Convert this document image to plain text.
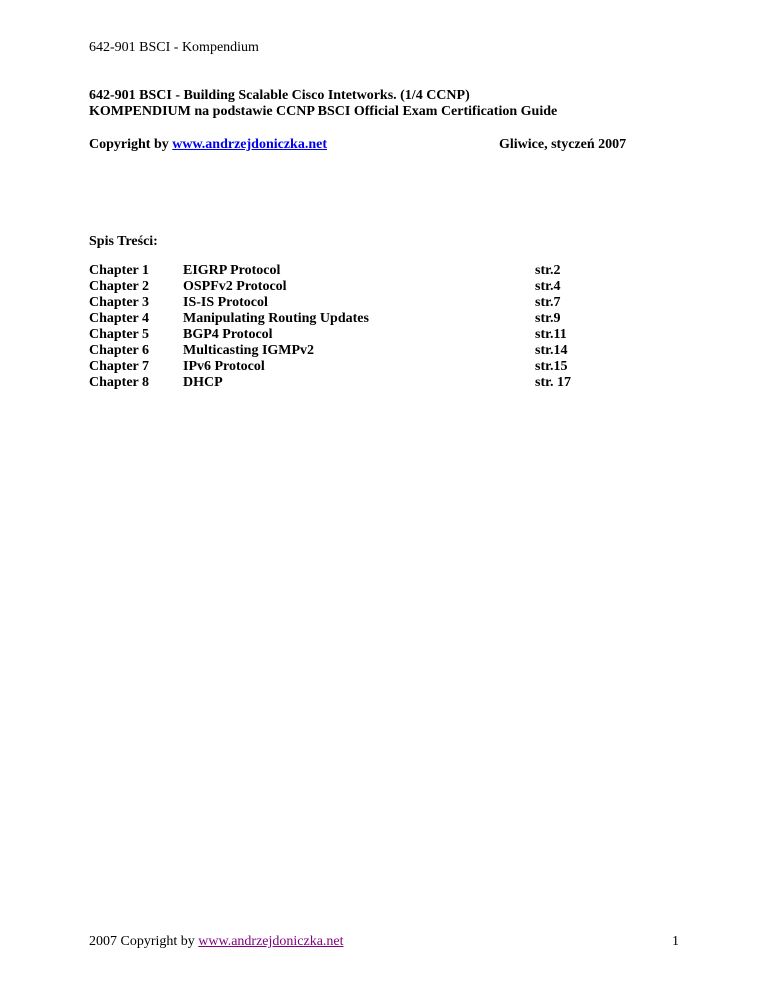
642-901 BSCI - Kompendium
642-901 BSCI - Building Scalable Cisco Intetworks. (1/4 CCNP)
KOMPENDIUM na podstawie CCNP BSCI Official Exam Certification Guide
Copyright by www.andrzejdoniczka.net	Gliwice, styczeń 2007
Spis Treści:
Chapter 1 EIGRP Protocol	str.2
Chapter 2 OSPFv2 Protocol	str.4
Chapter 3 IS-IS Protocol	str.7
Chapter 4 Manipulating Routing Updates	str.9
Chapter 5 BGP4 Protocol	str.11
Chapter 6 Multicasting IGMPv2	str.14
Chapter 7 IPv6 Protocol	str.15
Chapter 8 DHCP	str. 17
2007 Copyright by www.andrzejdoniczka.net	1
